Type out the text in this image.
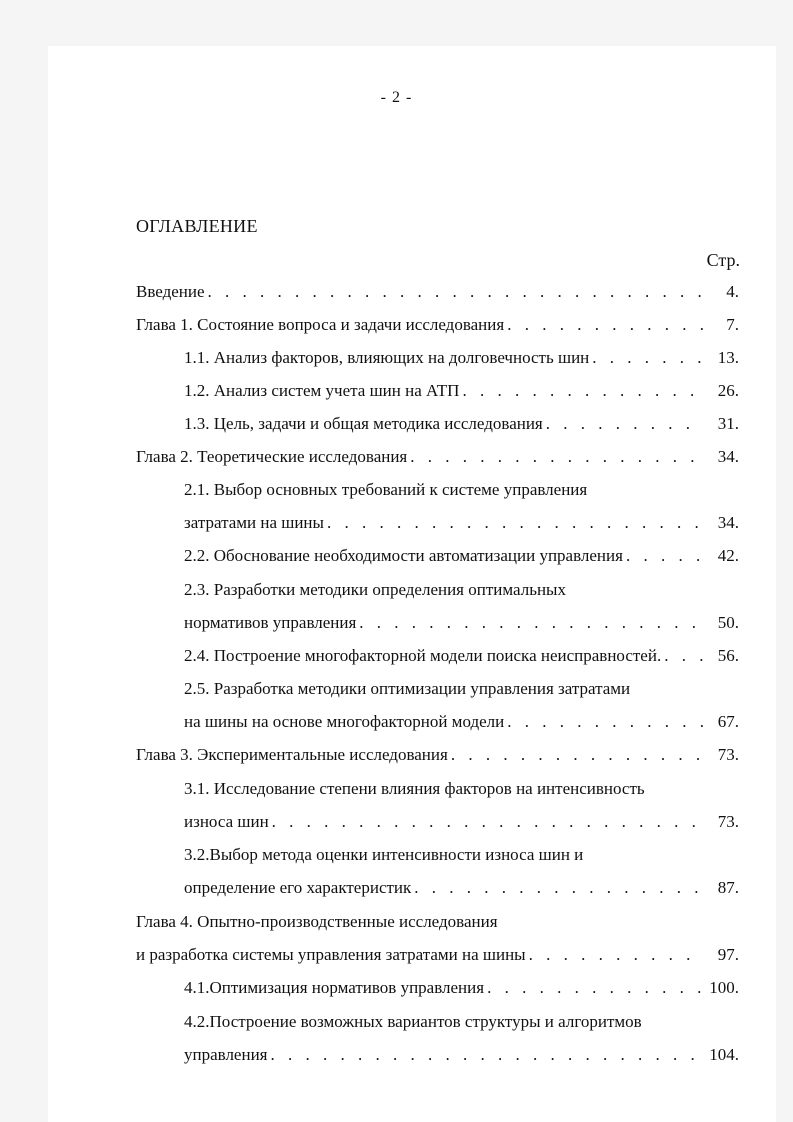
- 2 -
ОГЛАВЛЕНИЕ
Стр.
Введение . . .	4.
Глава 1. Состояние вопроса и задачи исследования . . .	7.
1.1. Анализ факторов, влияющих на долговечность шин . . .	13.
1.2. Анализ систем учета шин на АТП . . .	26.
1.3. Цель, задачи и общая методика исследования . . .	31.
Глава 2. Теоретические исследования . . .	34.
2.1. Выбор основных требований к системе управления
затратами на шины . . .	34.
2.2. Обоснование необходимости автоматизации управления . . .	42.
2.3. Разработки методики определения оптимальных
нормативов управления . . .	50.
2.4. Построение многофакторной модели поиска неисправностей. . . .	56.
2.5. Разработка методики оптимизации управления затратами
на шины на основе многофакторной модели . . .	67.
Глава 3. Экспериментальные исследования . . .	73.
3.1. Исследование степени влияния факторов на интенсивность
износа шин . . .	73.
3.2.Выбор метода оценки интенсивности износа шин и
определение его характеристик . . .	87.
Глава 4. Опытно-производственные исследования
и разработка системы управления затратами на шины . . .	97.
4.1.Оптимизация нормативов управления . . .	100.
4.2.Построение возможных вариантов структуры и алгоритмов
управления . . .	104.
